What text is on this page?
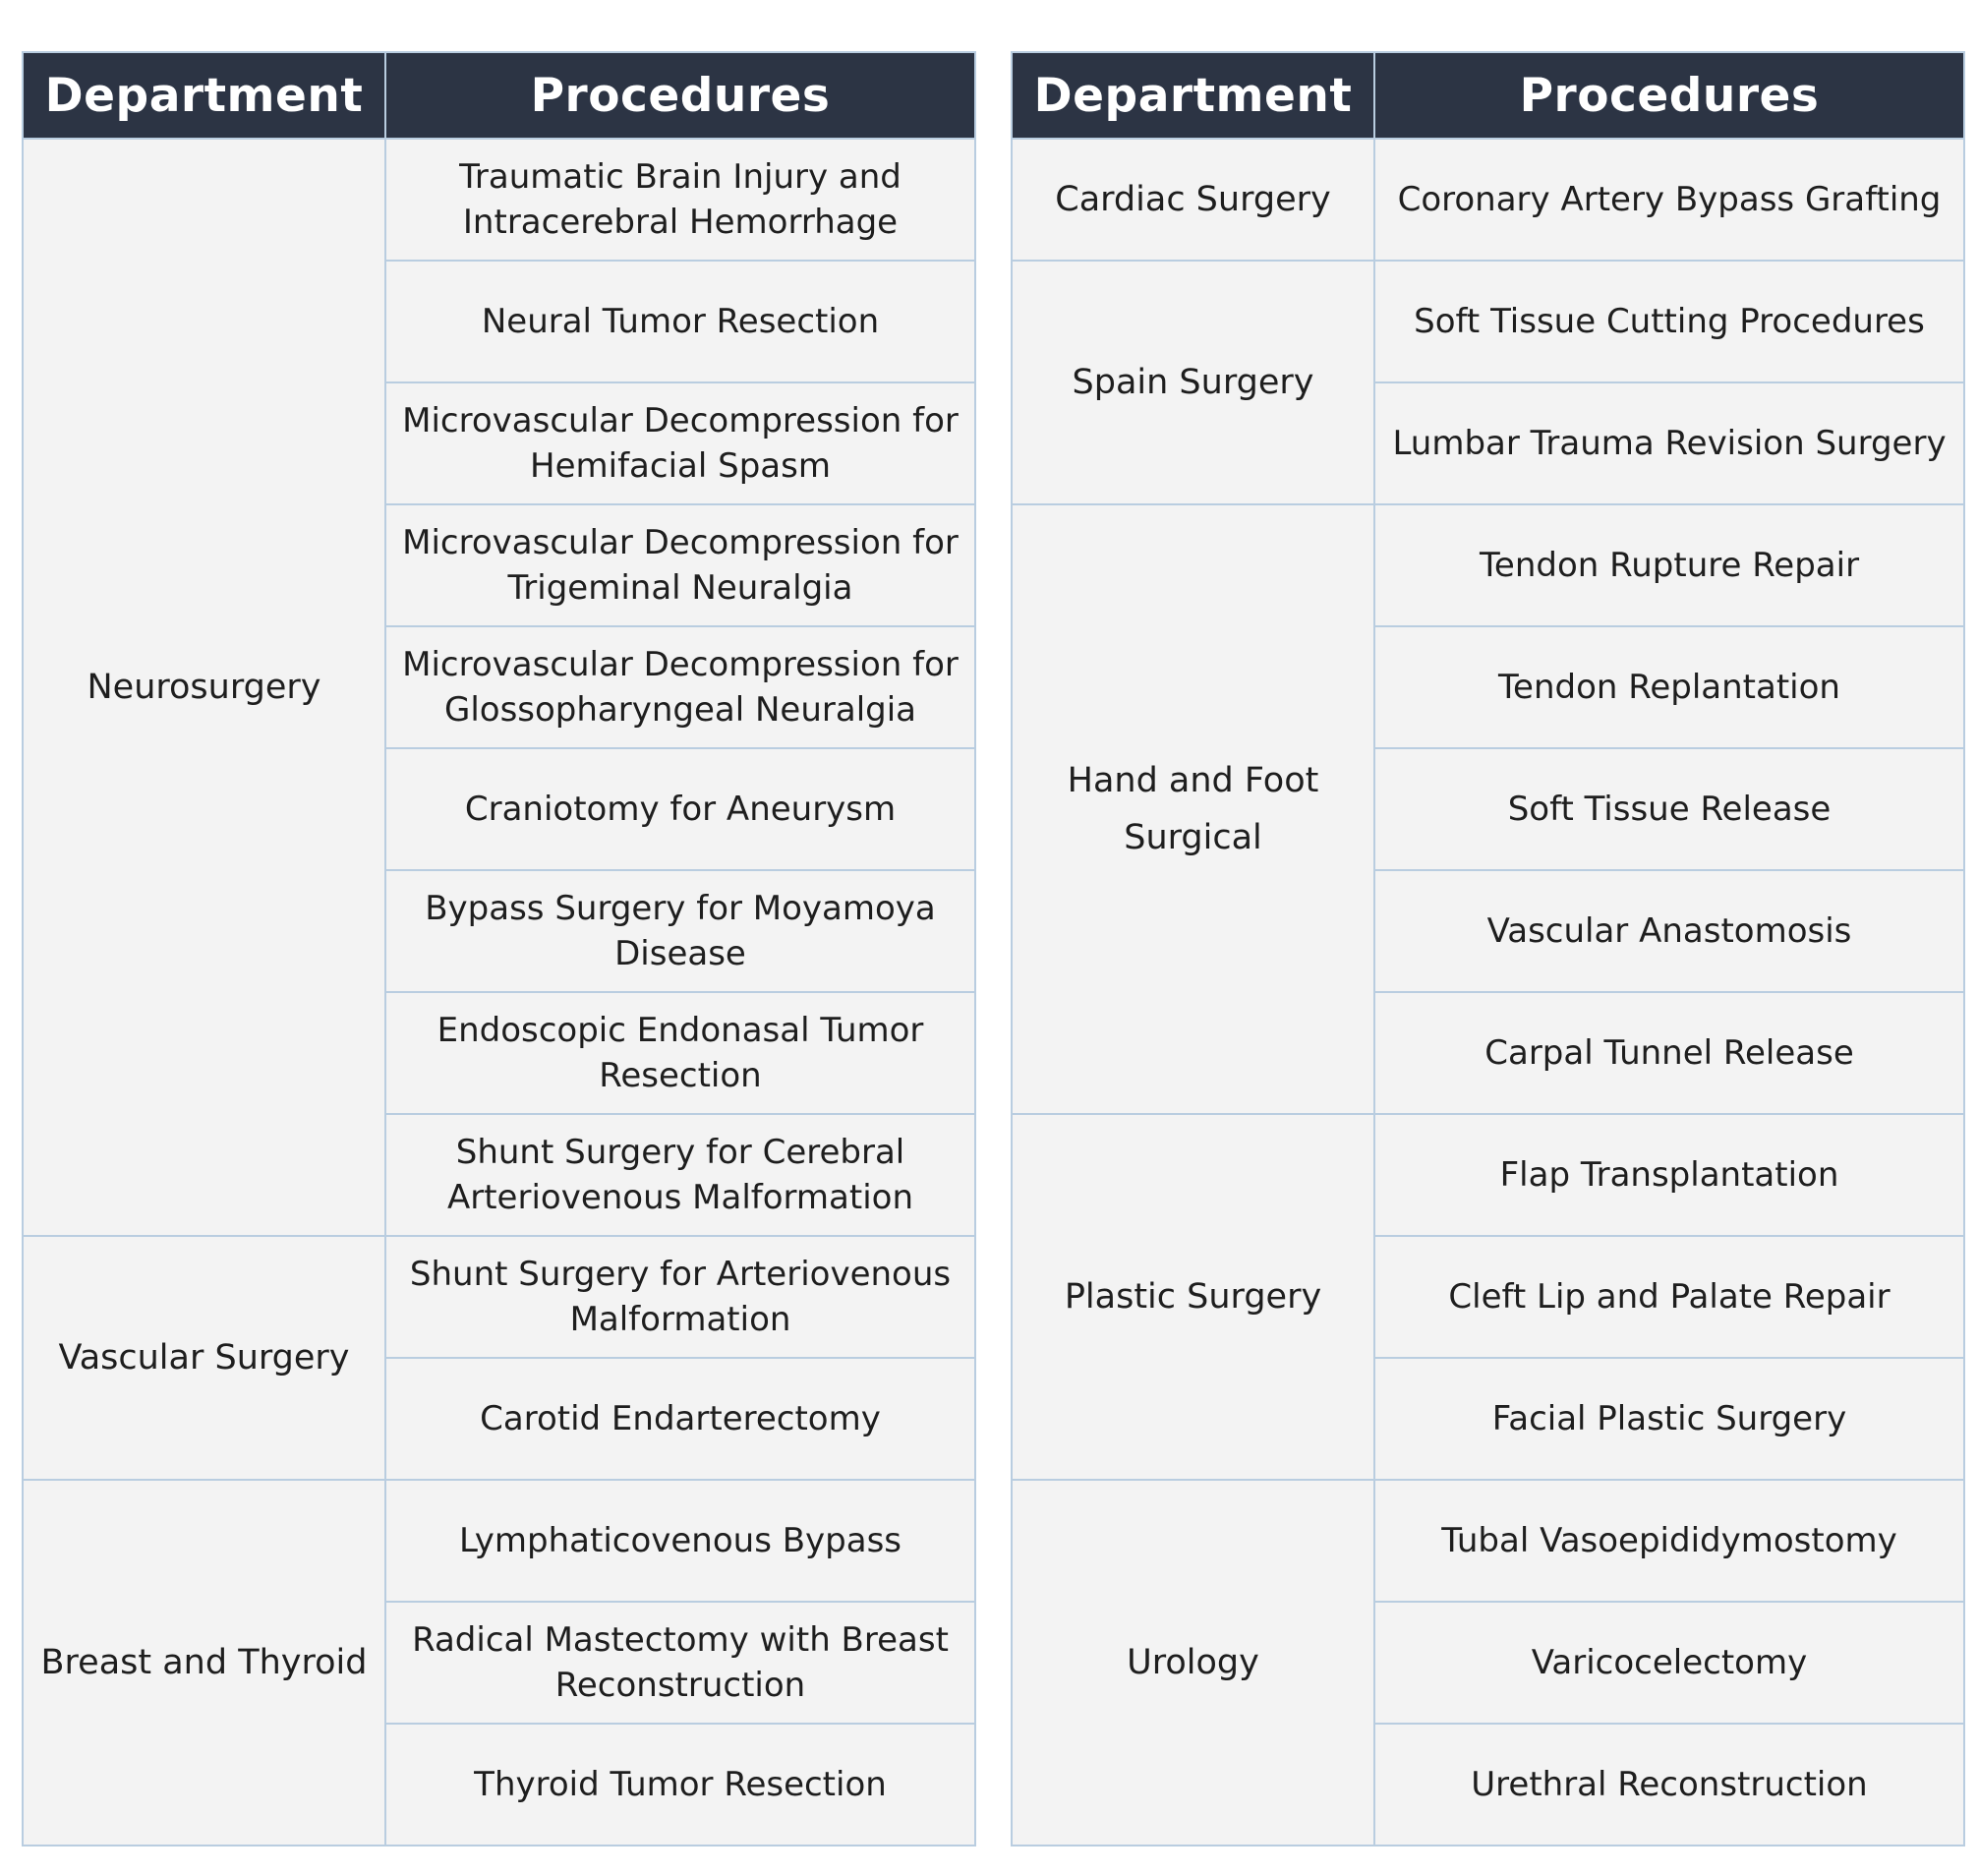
Department	Procedures
Neurosurgery	Traumatic Brain Injury and Intracerebral Hemorrhage
	Neural Tumor Resection
	Microvascular Decompression for Hemifacial Spasm
	Microvascular Decompression for Trigeminal Neuralgia
	Microvascular Decompression for Glossopharyngeal Neuralgia
	Craniotomy for Aneurysm
	Bypass Surgery for Moyamoya Disease
	Endoscopic Endonasal Tumor Resection
	Shunt Surgery for Cerebral Arteriovenous Malformation
Vascular Surgery	Shunt Surgery for Arteriovenous Malformation
	Carotid Endarterectomy
Breast and Thyroid	Lymphaticovenous Bypass
	Radical Mastectomy with Breast Reconstruction
	Thyroid Tumor Resection
Department	Procedures
Cardiac Surgery	Coronary Artery Bypass Grafting
Spain Surgery	Soft Tissue Cutting Procedures
	Lumbar Trauma Revision Surgery
Hand and Foot Surgical	Tendon Rupture Repair
	Tendon Replantation
	Soft Tissue Release
	Vascular Anastomosis
	Carpal Tunnel Release
Plastic Surgery	Flap Transplantation
	Cleft Lip and Palate Repair
	Facial Plastic Surgery
Urology	Tubal Vasoepididymostomy
	Varicocelectomy
	Urethral Reconstruction
